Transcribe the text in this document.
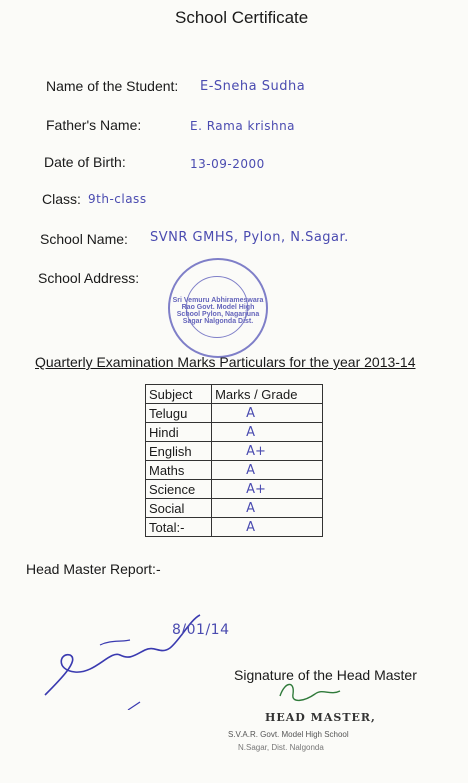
School Certificate
Name of the Student: E-Sneha Sudha
Father's Name:	E. Rama krishna
Date of Birth:	13-09-2000
Class: 9th-class
School Name: SVNR GMHS, Pylon, N.Sagar.
School Address:
Sri Vemuru Abhirameswara Rao Govt. Model High School Pylon, Nagarjuna Sagar Nalgonda Dist.
Quarterly Examination Marks Particulars for the year 2013-14
Subject	Marks / Grade
Telugu	A
Hindi	A
English	A+
Maths	A
Science	A+
Social	A
Total:-	A
Head Master Report:-
8/01/14
Signature of the Head Master
HEAD MASTER,
S.V.A.R. Govt. Model High School
N.Sagar, Dist. Nalgonda
